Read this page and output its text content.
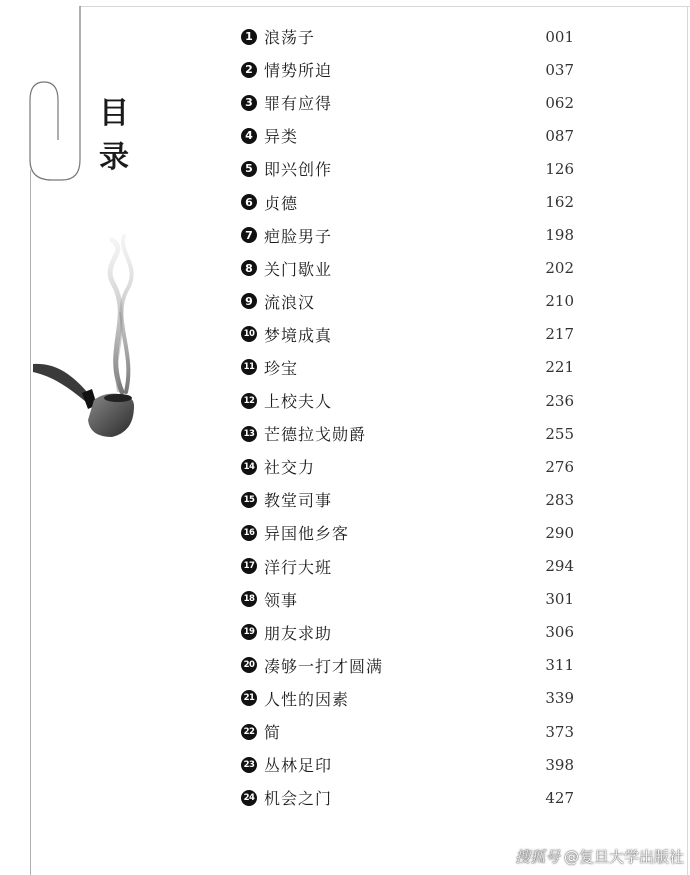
目
录
1 浪荡子	001
2 情势所迫	037
3 罪有应得	062
4 异类	087
5 即兴创作	126
6 贞德	162
7 疤脸男子	198
8 关门歇业	202
9 流浪汉	210
10 梦境成真	217
11 珍宝	221
12 上校夫人	236
13 芒德拉戈勋爵	255
14 社交力	276
15 教堂司事	283
16 异国他乡客	290
17 洋行大班	294
18 领事	301
19 朋友求助	306
20 凑够一打才圆满	311
21 人性的因素	339
22 简	373
23 丛林足印	398
24 机会之门	427
搜狐号 @复旦大学出版社
